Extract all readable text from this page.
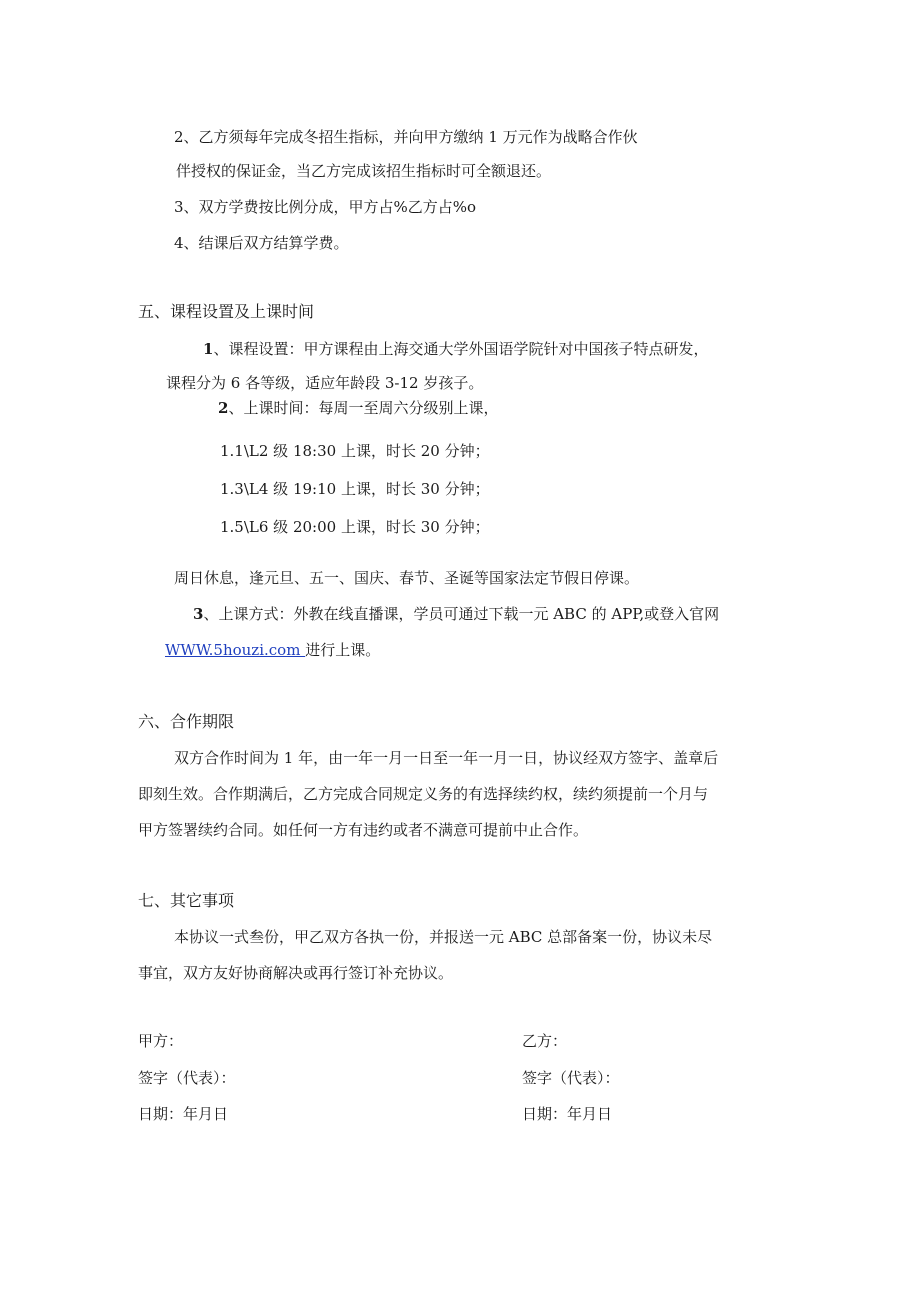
2、乙方须每年完成冬招生指标，并向甲方缴纳 1 万元作为战略合作伙
伴授权的保证金，当乙方完成该招生指标时可全额退还。
3、双方学费按比例分成，甲方占%乙方占%o
4、结课后双方结算学费。
五、课程设置及上课时间
1、课程设置：甲方课程由上海交通大学外国语学院针对中国孩子特点研发，
课程分为 6 各等级，适应年龄段 3-12 岁孩子。
2、上课时间：每周一至周六分级别上课，
1.1\L2 级 18:30 上课，时长 20 分钟；
1.3\L4 级 19:10 上课，时长 30 分钟；
1.5\L6 级 20:00 上课，时长 30 分钟；
周日休息，逢元旦、五一、国庆、春节、圣诞等国家法定节假日停课。
3、上课方式：外教在线直播课，学员可通过下载一元 ABC 的 APP,或登入官网
WWW.5houzi.com 进行上课。
六、合作期限
双方合作时间为 1 年，由一年一月一日至一年一月一日，协议经双方签字、盖章后
即刻生效。合作期满后，乙方完成合同规定义务的有选择续约权，续约须提前一个月与
甲方签署续约合同。如任何一方有违约或者不满意可提前中止合作。
七、其它事项
本协议一式叁份，甲乙双方各执一份，并报送一元 ABC 总部备案一份，协议未尽
事宜，双方友好协商解决或再行签订补充协议。
甲方：	乙方：
签字（代表）：	签字（代表）：
日期：年月日	日期：年月日
